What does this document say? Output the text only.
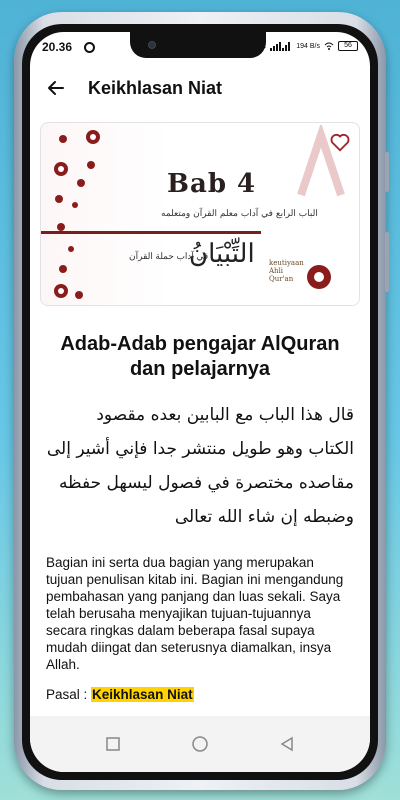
20.36	194 B/s	56
Keikhlasan Niat
Bab 4
الباب الرابع في آداب معلم القرآن ومتعلمه
التِّبْيَانُ
في آداب حملة القرآن
keutiyaan
Ahli
Qur'an
Adab-Adab pengajar AlQuran dan pelajarnya
قال هذا الباب مع البابين بعده مقصود الكتاب وهو طويل منتشر جدا فإني أشير إلى مقاصده مختصرة في فصول ليسهل حفظه وضبطه إن شاء الله تعالى
Bagian ini serta dua bagian yang merupakan tujuan penulisan kitab ini. Bagian ini mengandung pembahasan yang panjang dan luas sekali. Saya telah berusaha menyajikan tujuan-tujuannya secara ringkas dalam beberapa fasal supaya mudah diingat dan seterusnya diamalkan, insya Allah.
Pasal : Keikhlasan Niat
